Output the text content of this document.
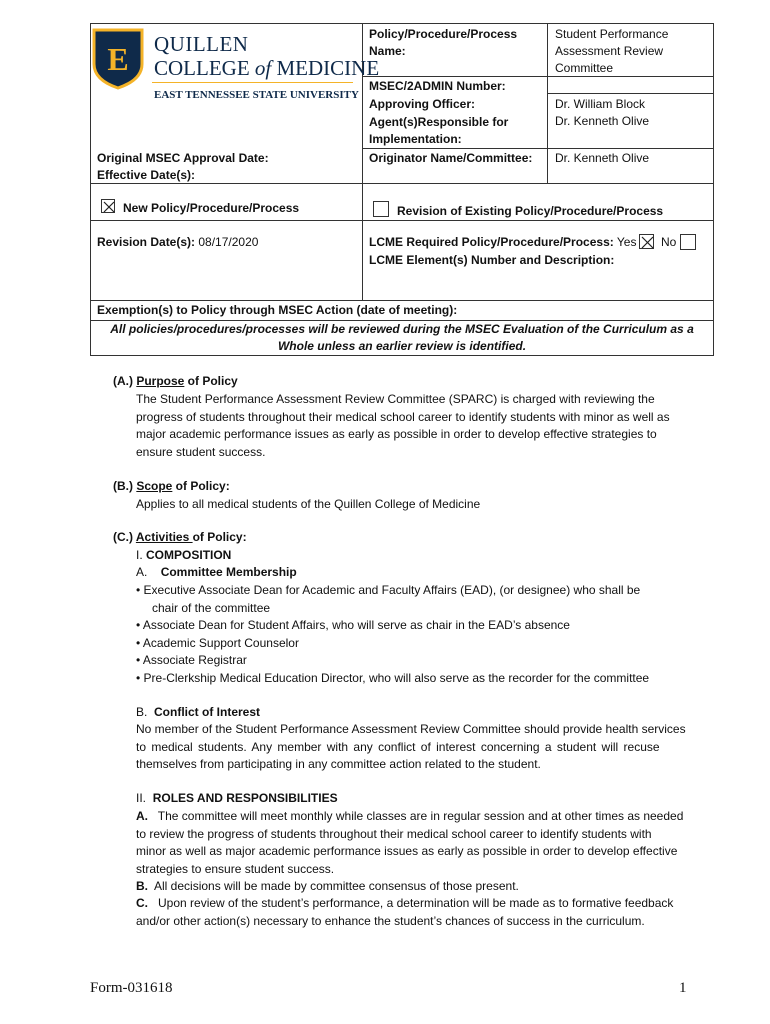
E QUILLEN
COLLEGE of MEDICINE
EAST TENNESSEE STATE UNIVERSITY
Policy/Procedure/Process Name:
Student Performance
Assessment Review
Committee
MSEC/2ADMIN Number:
Approving Officer:	Dr. William Block
Agent(s)Responsible for
Implementation:
Dr. Kenneth Olive
Originator Name/Committee: Dr. Kenneth Olive
Original MSEC Approval Date:
Effective Date(s):
New Policy/Procedure/Process	Revision of Existing Policy/Procedure/Process
Revision Date(s): 08/17/2020	LCME Required Policy/Procedure/Process: Yes No
LCME Element(s) Number and Description:
Exemption(s) to Policy through MSEC Action (date of meeting):
All policies/procedures/processes will be reviewed during the MSEC Evaluation of the Curriculum as a
Whole unless an earlier review is identified.
(A.) Purpose of Policy
The Student Performance Assessment Review Committee (SPARC) is charged with reviewing the
progress of students throughout their medical school career to identify students with minor as well as
major academic performance issues as early as possible in order to develop effective strategies to
ensure student success.
(B.) Scope of Policy:
Applies to all medical students of the Quillen College of Medicine
(C.) Activities of Policy:
I. COMPOSITION
A. Committee Membership
• Executive Associate Dean for Academic and Faculty Affairs (EAD), (or designee) who shall be
chair of the committee
• Associate Dean for Student Affairs, who will serve as chair in the EAD’s absence
• Academic Support Counselor
• Associate Registrar
• Pre-Clerkship Medical Education Director, who will also serve as the recorder for the committee
B. Conflict of Interest
No member of the Student Performance Assessment Review Committee should provide health services
to medical students. Any member with any conflict of interest concerning a student will recuse
themselves from participating in any committee action related to the student.
II. ROLES AND RESPONSIBILITIES
A. The committee will meet monthly while classes are in regular session and at other times as needed
to review the progress of students throughout their medical school career to identify students with
minor as well as major academic performance issues as early as possible in order to develop effective
strategies to ensure student success.
B. All decisions will be made by committee consensus of those present.
C. Upon review of the student’s performance, a determination will be made as to formative feedback
and/or other action(s) necessary to enhance the student’s chances of success in the curriculum.
Form-031618	1
